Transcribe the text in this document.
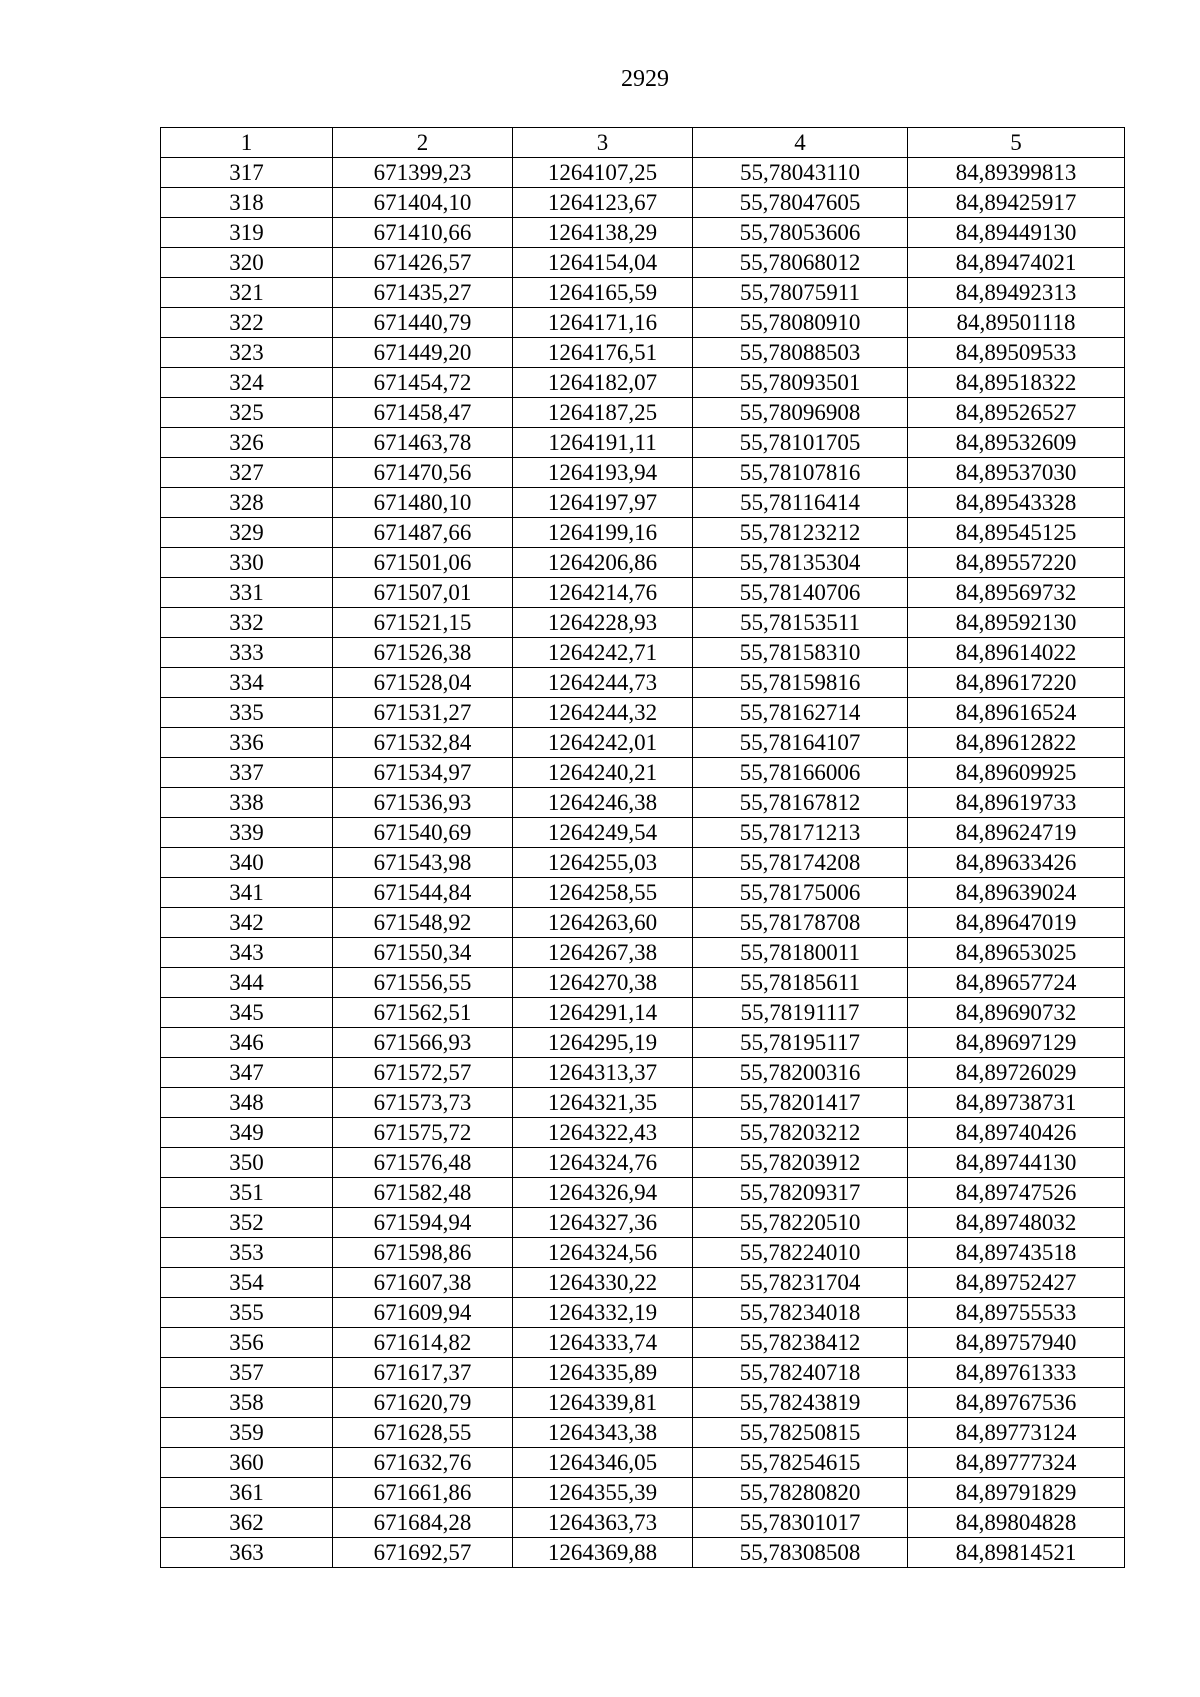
2929
1	2	3	4	5
317	671399,23	1264107,25	55,78043110	84,89399813
318	671404,10	1264123,67	55,78047605	84,89425917
319	671410,66	1264138,29	55,78053606	84,89449130
320	671426,57	1264154,04	55,78068012	84,89474021
321	671435,27	1264165,59	55,78075911	84,89492313
322	671440,79	1264171,16	55,78080910	84,89501118
323	671449,20	1264176,51	55,78088503	84,89509533
324	671454,72	1264182,07	55,78093501	84,89518322
325	671458,47	1264187,25	55,78096908	84,89526527
326	671463,78	1264191,11	55,78101705	84,89532609
327	671470,56	1264193,94	55,78107816	84,89537030
328	671480,10	1264197,97	55,78116414	84,89543328
329	671487,66	1264199,16	55,78123212	84,89545125
330	671501,06	1264206,86	55,78135304	84,89557220
331	671507,01	1264214,76	55,78140706	84,89569732
332	671521,15	1264228,93	55,78153511	84,89592130
333	671526,38	1264242,71	55,78158310	84,89614022
334	671528,04	1264244,73	55,78159816	84,89617220
335	671531,27	1264244,32	55,78162714	84,89616524
336	671532,84	1264242,01	55,78164107	84,89612822
337	671534,97	1264240,21	55,78166006	84,89609925
338	671536,93	1264246,38	55,78167812	84,89619733
339	671540,69	1264249,54	55,78171213	84,89624719
340	671543,98	1264255,03	55,78174208	84,89633426
341	671544,84	1264258,55	55,78175006	84,89639024
342	671548,92	1264263,60	55,78178708	84,89647019
343	671550,34	1264267,38	55,78180011	84,89653025
344	671556,55	1264270,38	55,78185611	84,89657724
345	671562,51	1264291,14	55,78191117	84,89690732
346	671566,93	1264295,19	55,78195117	84,89697129
347	671572,57	1264313,37	55,78200316	84,89726029
348	671573,73	1264321,35	55,78201417	84,89738731
349	671575,72	1264322,43	55,78203212	84,89740426
350	671576,48	1264324,76	55,78203912	84,89744130
351	671582,48	1264326,94	55,78209317	84,89747526
352	671594,94	1264327,36	55,78220510	84,89748032
353	671598,86	1264324,56	55,78224010	84,89743518
354	671607,38	1264330,22	55,78231704	84,89752427
355	671609,94	1264332,19	55,78234018	84,89755533
356	671614,82	1264333,74	55,78238412	84,89757940
357	671617,37	1264335,89	55,78240718	84,89761333
358	671620,79	1264339,81	55,78243819	84,89767536
359	671628,55	1264343,38	55,78250815	84,89773124
360	671632,76	1264346,05	55,78254615	84,89777324
361	671661,86	1264355,39	55,78280820	84,89791829
362	671684,28	1264363,73	55,78301017	84,89804828
363	671692,57	1264369,88	55,78308508	84,89814521
